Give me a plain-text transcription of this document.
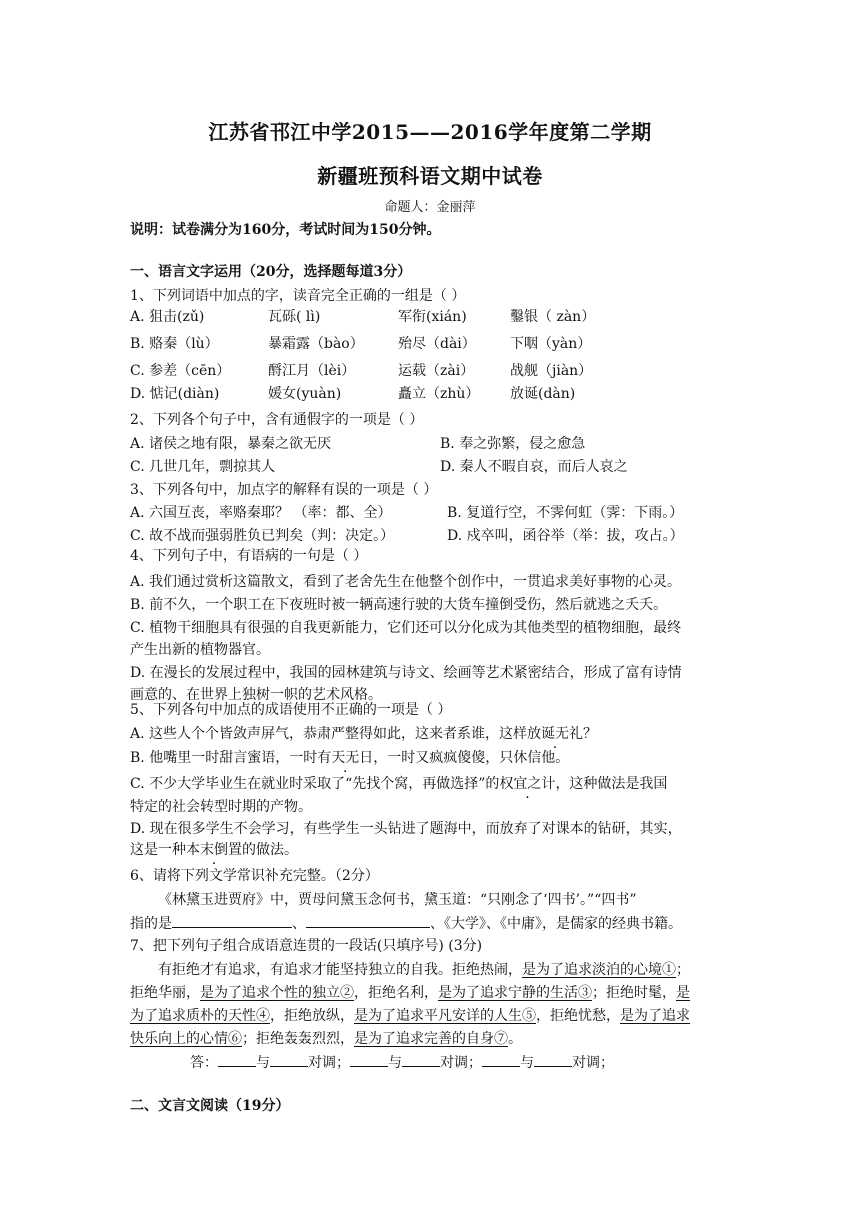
江苏省邗江中学2015——2016学年度第二学期
新疆班预科语文期中试卷
命题人：金丽萍
说明：试卷满分为160分，考试时间为150分钟。
一、语言文字运用（20分，选择题每道3分）
1、下列词语中加点的字，读音完全正确的一组是（ ）
A. 狙击(zǔ)	瓦砾( lì)	军衔(xián)	鑿银（ zàn）
B. 赂秦（lù）	暴霜露（bào） 殆尽（dài） 下咽（yàn）
C. 参差（cēn）	酹江月（lèi）	运载（zài）	战舰（jiàn）
D. 惦记(diàn)	媛女(yuàn)	矗立（zhù） 放诞(dàn)
2、下列各个句子中，含有通假字的一项是（ ）
A. 诸侯之地有限，暴秦之欲无厌	B. 奉之弥繁，侵之愈急
C. 几世几年，剽掠其人	D. 秦人不暇自哀，而后人哀之
3、下列各句中，加点字的解释有误的一项是（ ）
A. 六国互丧，率赂秦耶？ （率：都、全）	B. 复道行空，不霁何虹（霁：下雨。）
C. 故不战而强弱胜负已判矣（判：决定。）	D. 戍卒叫，函谷举（举：拔，攻占。）
4、下列句子中，有语病的一句是（ ）
A. 我们通过赏析这篇散文，看到了老舍先生在他整个创作中，一贯追求美好事物的心灵。
B. 前不久，一个职工在下夜班时被一辆高速行驶的大货车撞倒受伤，然后就逃之夭夭。
C. 植物干细胞具有很强的自我更新能力，它们还可以分化成为其他类型的植物细胞，最终
产生出新的植物器官。
D. 在漫长的发展过程中，我国的园林建筑与诗文、绘画等艺术紧密结合，形成了富有诗情
画意的、在世界上独树一帜的艺术风格。
5、下列各句中加点的成语使用不正确的一项是（ ）
A. 这些人个个皆敛声屏气，恭肃严整得如此，这来者系谁，这样放诞无礼？
B. 他嘴里一时甜言蜜语，一时有天无日，一时又疯疯傻傻，只休信他。
C. 不少大学毕业生在就业时采取了“先找个窝，再做选择”的权宜之计，这种做法是我国
特定的社会转型时期的产物。
D. 现在很多学生不会学习，有些学生一头钻进了题海中，而放弃了对课本的钻研，其实，
这是一种本末倒置的做法。
6、请将下列文学常识补充完整。（2分）
《林黛玉进贾府》中，贾母问黛玉念何书，黛玉道：“只刚念了‘四书’。”“四书”
指的是	、	、《大学》、《中庸》，是儒家的经典书籍。
7、把下列句子组合成语意连贯的一段话(只填序号) (3分)
有拒绝才有追求，有追求才能坚持独立的自我。拒绝热闹，是为了追求淡泊的心境①；
拒绝华丽，是为了追求个性的独立②，拒绝名利，是为了追求宁静的生活③；拒绝时髦，是
为了追求质朴的天性④，拒绝放纵，是为了追求平凡安详的人生⑤，拒绝忧愁，是为了追求
快乐向上的心情⑥；拒绝轰轰烈烈，是为了追求完善的自身⑦。
答：	与	对调；	与	对调；	与	对调；
二、文言文阅读（19分）
